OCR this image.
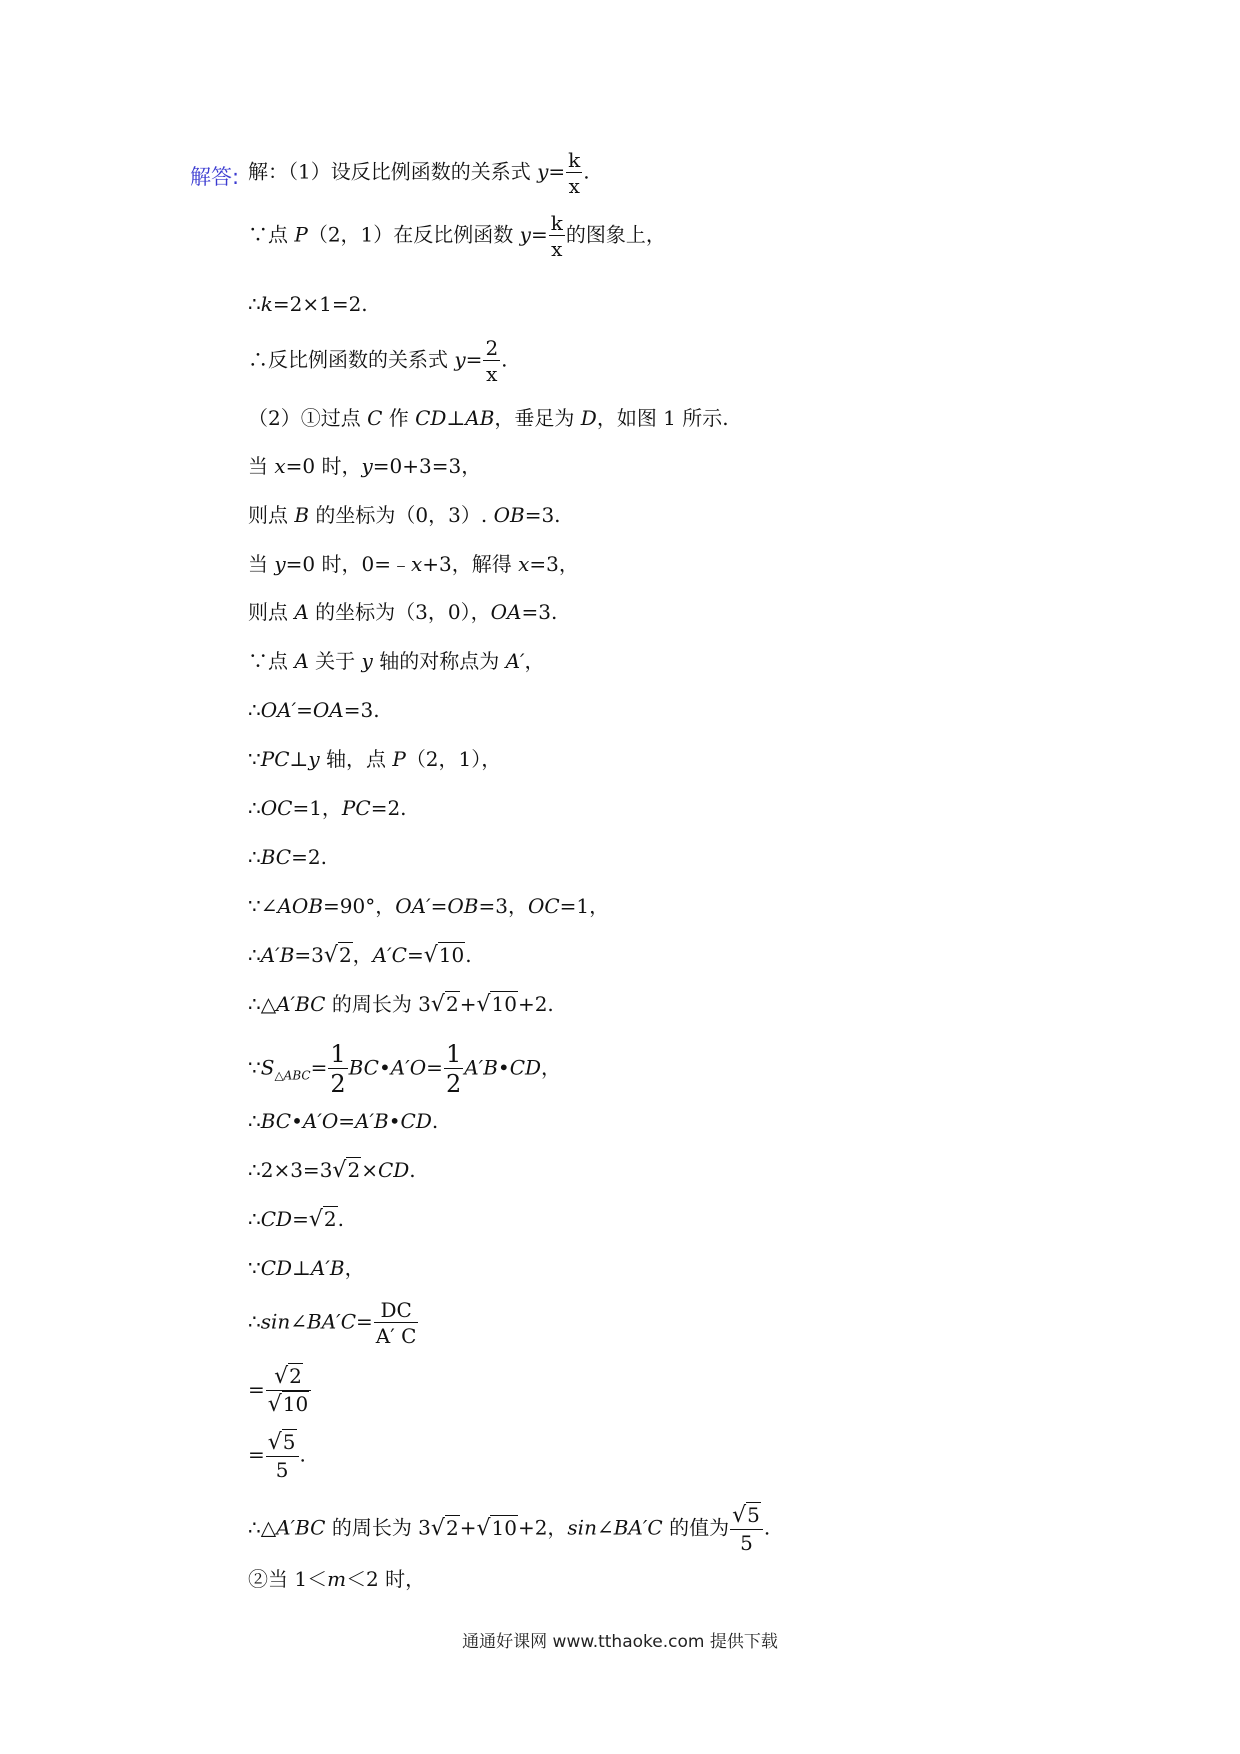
解答: 解：（1）设反比例函数的关系式 $y= \frac{k}{x}$ .
∵点 P（2，1）在反比例函数 $y= \frac{k}{x}$ 的图象上，
∴k=2×1=2.
∴反比例函数的关系式 $y= \frac{2}{x}$ .
（2）①过点 C 作 CD⊥AB，垂足为 D，如图 1 所示.
当 x=0 时，y=0+3=3，
则点 B 的坐标为（0，3）. OB=3.
当 y=0 时，0=﹣x+3，解得 x=3，
则点 A 的坐标为（3，0），OA=3.
∵点 A 关于 y 轴的对称点为 A′，
∴OA′=OA=3.
∵PC⊥y 轴，点 P（2，1），
∴OC=1，PC=2.
∴BC=2.
∵∠AOB=90°，OA′=OB=3，OC=1，
∴A′B=3√2，A′C=√10.
∴△A′BC 的周长为 3√2+√10+2.
$\because S_{\triangle ABC}= \frac{1}{2}$ BC•A′O= $\frac{1}{2}$ A′B•CD，
∴BC•A′O=A′B•CD.
∴2×3=3√2×CD.
∴CD=√2.
∵CD⊥A′B，
∴sin∠BA′C= $\frac{DC}{A' C}$
= $\frac{√2}{√10}$
= $\frac{√5}{5}$ .
∴△A′BC 的周长为 3√2+√10+2，sin∠BA′C 的值为 $\frac{√5}{5}$ .
②当 1＜m＜2 时，
通通好课网 www.tthaoke.com 提供下载
